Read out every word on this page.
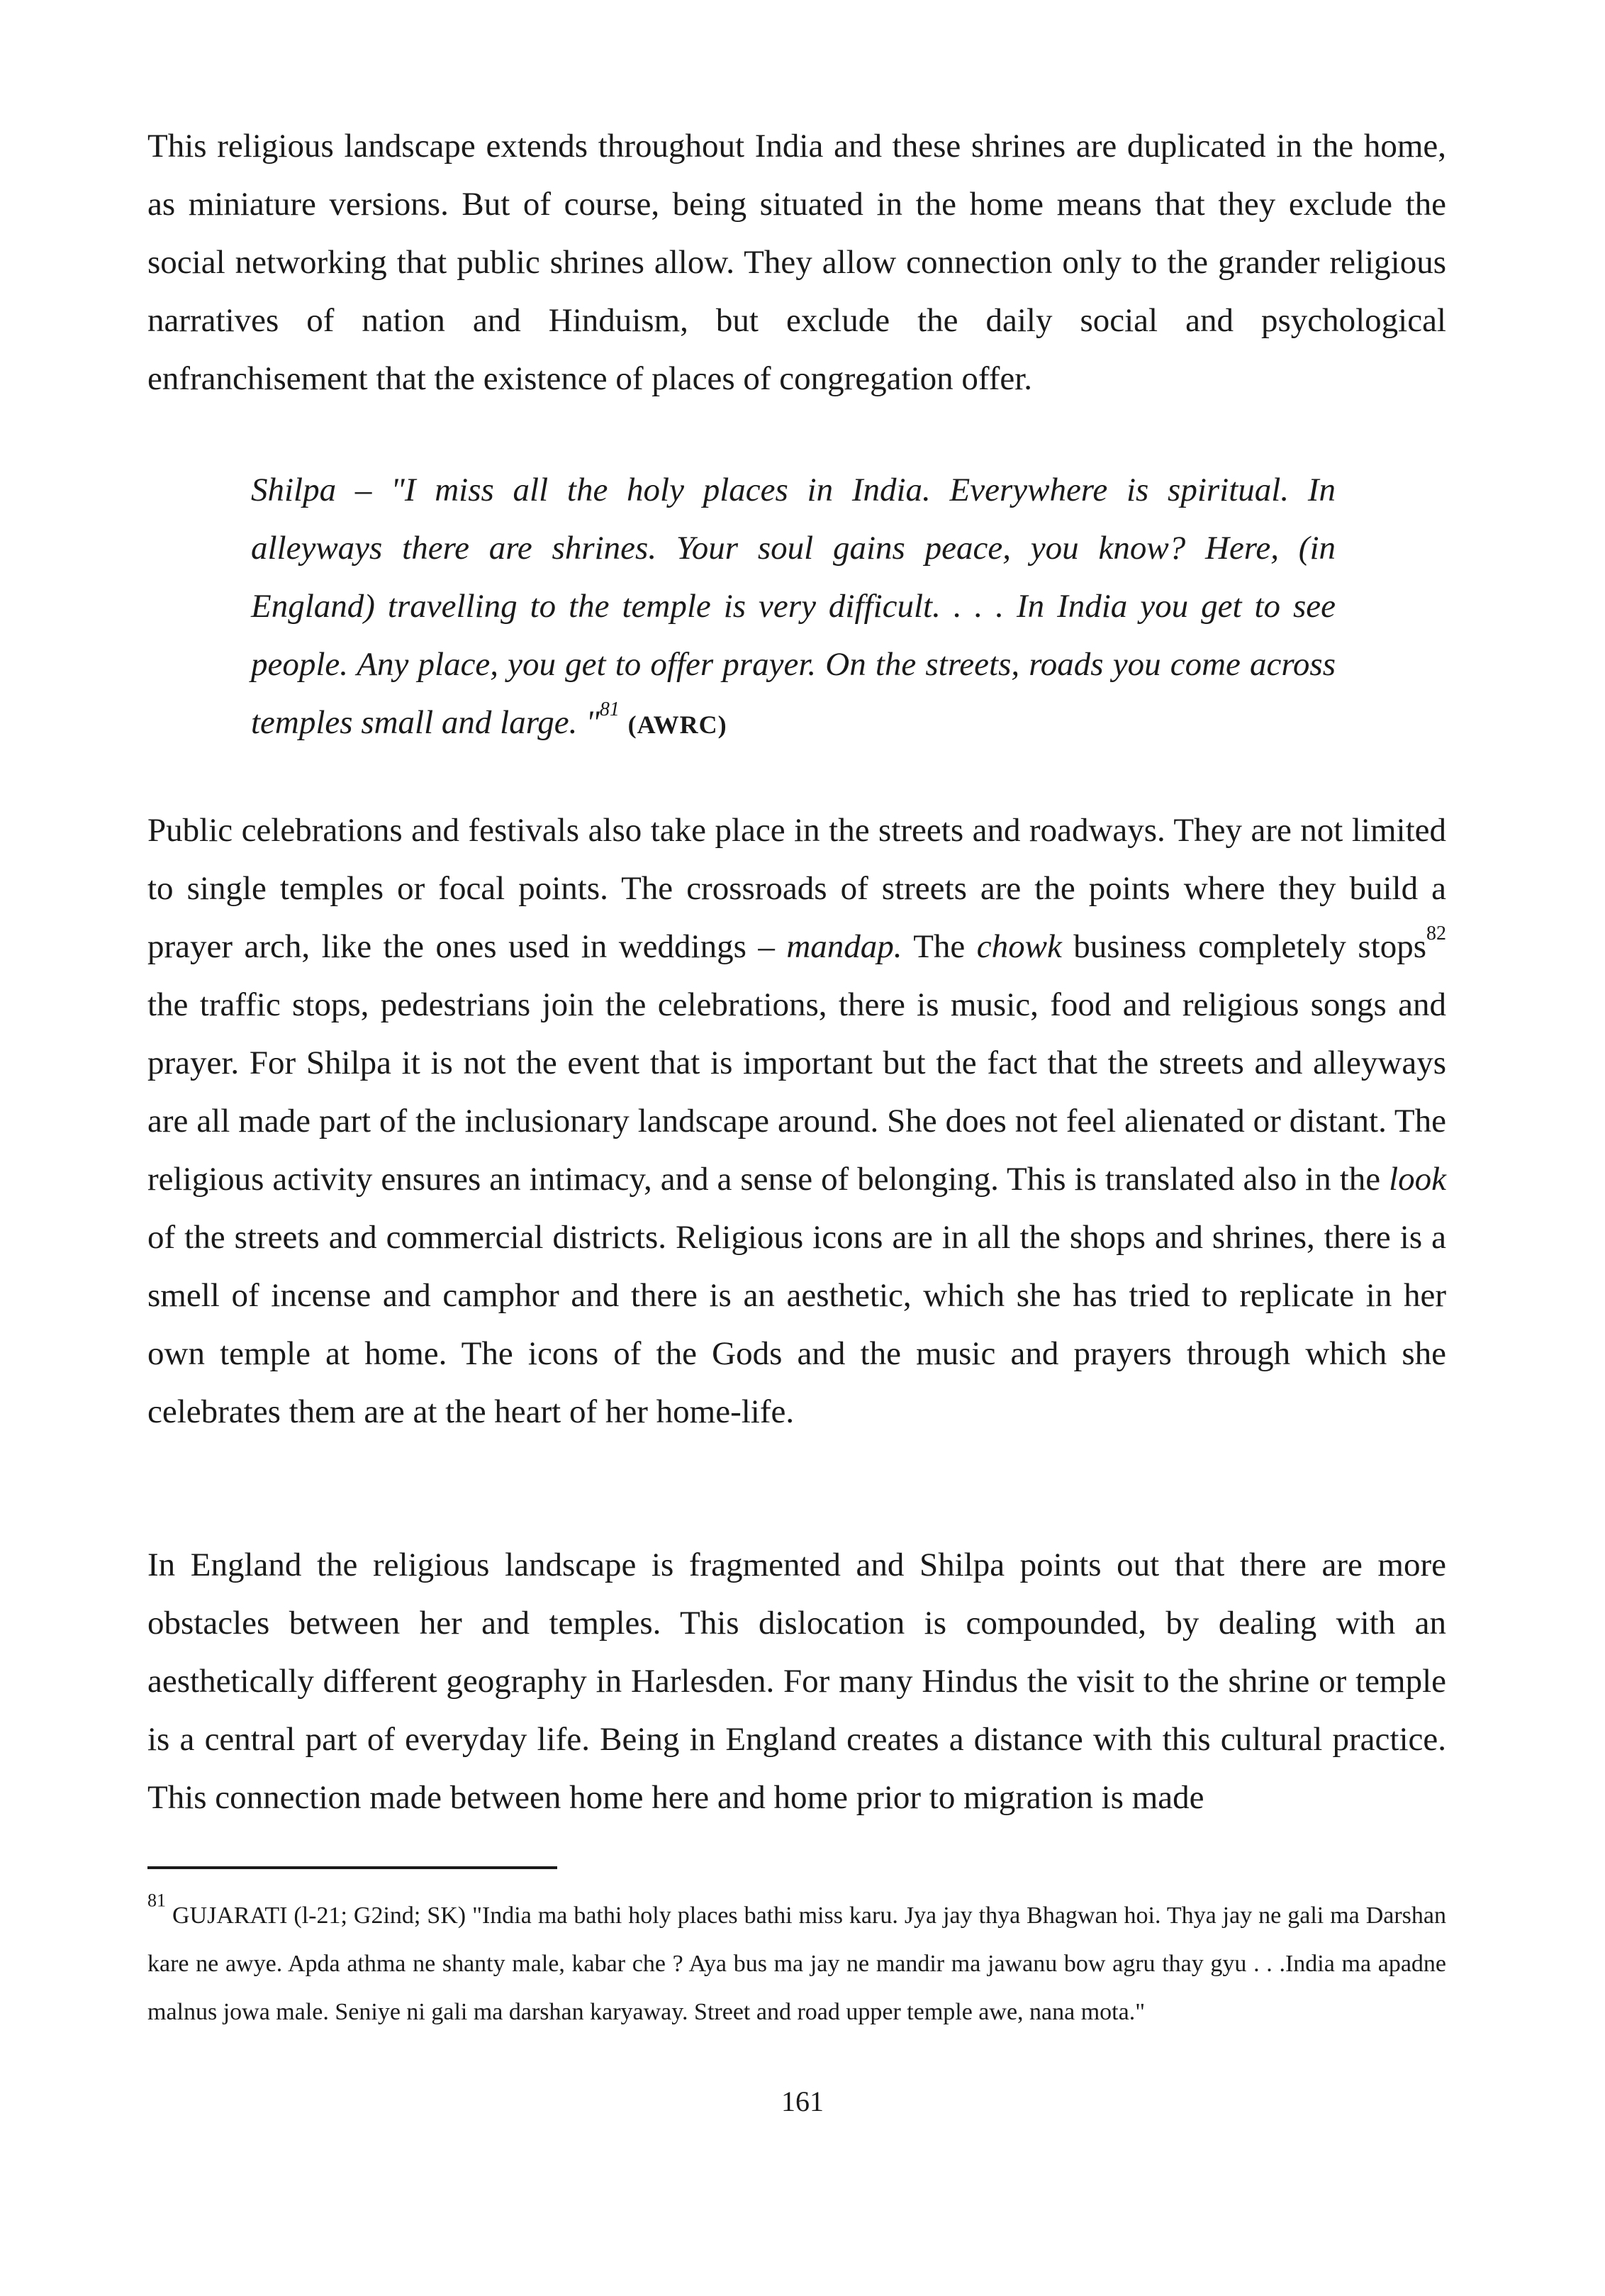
This religious landscape extends throughout India and these shrines are duplicated in the home, as miniature versions. But of course, being situated in the home means that they exclude the social networking that public shrines allow. They allow connection only to the grander religious narratives of nation and Hinduism, but exclude the daily social and psychological enfranchisement that the existence of places of congregation offer.

Shilpa – "I miss all the holy places in India. Everywhere is spiritual. In alleyways there are shrines. Your soul gains peace, you know? Here, (in England) travelling to the temple is very difficult. . . . In India you get to see people. Any place, you get to offer prayer. On the streets, roads you come across temples small and large. "$^{81}$ (AWRC)

Public celebrations and festivals also take place in the streets and roadways. They are not limited to single temples or focal points. The crossroads of streets are the points where they build a prayer arch, like the ones used in weddings – mandap. The chowk business completely stops$^{82}$ the traffic stops, pedestrians join the celebrations, there is music, food and religious songs and prayer. For Shilpa it is not the event that is important but the fact that the streets and alleyways are all made part of the inclusionary landscape around. She does not feel alienated or distant. The religious activity ensures an intimacy, and a sense of belonging. This is translated also in the look of the streets and commercial districts. Religious icons are in all the shops and shrines, there is a smell of incense and camphor and there is an aesthetic, which she has tried to replicate in her own temple at home. The icons of the Gods and the music and prayers through which she celebrates them are at the heart of her home-life.

In England the religious landscape is fragmented and Shilpa points out that there are more obstacles between her and temples. This dislocation is compounded, by dealing with an aesthetically different geography in Harlesden. For many Hindus the visit to the shrine or temple is a central part of everyday life. Being in England creates a distance with this cultural practice. This connection made between home here and home prior to migration is made

$^{81}$ GUJARATI (l-21; G2ind; SK) "India ma bathi holy places bathi miss karu. Jya jay thya Bhagwan hoi. Thya jay ne gali ma Darshan kare ne awye. Apda athma ne shanty male, kabar che ? Aya bus ma jay ne mandir ma jawanu bow agru thay gyu . . .India ma apadne malnus jowa male. Seniye ni gali ma darshan karyaway. Street and road upper temple awe, nana mota."

161
